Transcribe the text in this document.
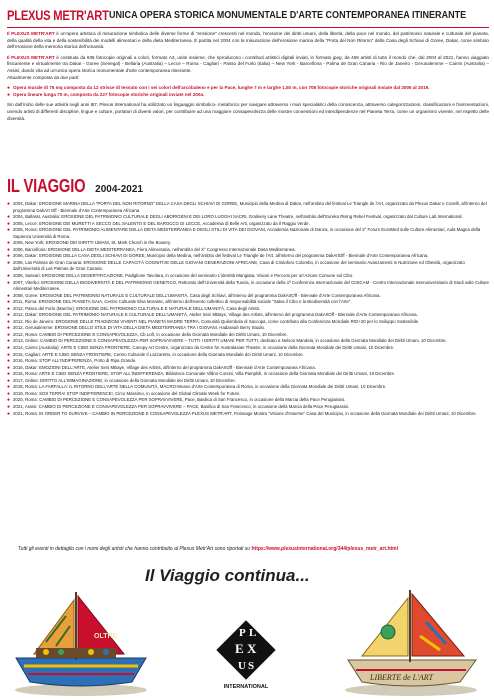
PLEXUS METR'ART UNICA OPERA STORICA MONUMENTALE D'ARTE CONTEMPORANEA ITINERANTE

Il PLEXUS METR'ART è un'opera artistica di misurazione simbolica delle diverse forme di "erosione" crescenti nel mondo, l'erosione dei diritti umani, della libertà, della pace nel mondo, del patrimonio naturale e culturale del pianeta, della qualità della vita e della sostenibilità dei modelli alimentari e della dieta Mediterranea. È partita nel 2004 con la misurazione dell'erosione marina della "Porta del Non Ritorno" della Casa degli Schiavi di Goree, Dakar, come simbolo dell'erosione della memoria storica dell'umanità.

Il PLEXUS METR'ART è costituita da 935 fotocopie originali a colori, formato A3, unite insieme, che riproducono i contributi artistici digitali inviati, in formato jpeg, da 469 artisti di tutto il mondo che, dal 2004 al 2021, hanno viaggiato fisicamente e virtualmente tra Dakar - Goree (Senegal) - Bellaria (Australia) – Lecce – Roma - Cagliari - Passo del Furlo (Italia) – New York - Barcellona - Palma de Gran Canaria - Rio de Janeiro - Gerusalemme – Cairns (Australia) – Assisi, dando vita ad un'unica opera storica monumentale d'arte contemporanea itinerante.
Attualmente composta da due parti:

● Opera murale di 75 mq composta da 12 strisce di tessuto con i sei colori dell'arcobaleno e per la Pace, lunghe 7 m e larghe 1,50 m, con 708 fotocopie storiche originali inviate dal 2005 al 2019.
● Opera lineare lunga 70 m, composta da 227 fotocopie storiche originali inviate nel 2004.

Sin dall'inizio delle sue attività negli anni 80', Plexus International ha utilizzato un linguaggio simbolico- metaforico per navigare attraverso i mari specialistici della conoscenza, attraverso categorizzazioni, classificazioni e frammentazioni, unendo artisti di differenti discipline, lingue e culture, portatori di diversi valori, per contribuire ad una maggiore consapevolezza delle mostre connessioni ed interdipendenze nel Pianeta Terra, come un organismo vivente, nel rispetto delle diversità.

IL VIAGGIO 2004-2021
● 2004, Dakar: EROSIONE MARINA DELLA "PORTA DEL NON RITORNO" DELLA CASA DEGLI SCHIAVI DI GOREE, Municipio della Medina di Dakar, nell'ambito del festival Le Triangle de l'Art, organizzato da Plexus Dakar e Coselli, all'interno del programma DakArt Off - Biennale d'Arte Contemporanea Africana.
● 2004, Ballarat, Australia: EROSIONE DEL PATRIMONIO CULTURALE DEGLI ABORIGENI E DEI LORO LUOGHI SACRI, Gralinery Lane Theatre, nell'ambito dell'Eureka Rising Rebel Festival, organizzato dal Culture Lab International.
● 2005, Lecce: EROSIONE DEI MURETTI A SECCO DEL SALENTO E DEL BAROCCO DI LECCE, Accademia di Belle Arti, organizzato da Il Raggio Verde.
● 2005, Roma: EROSIONE DEL PATRIMONIO ALIMENTARE DELLA DIETA MEDITERRANEA E DEGLI STILI DI VITA DEI GIOVANI, Accademia Nazionale di Danza, in occasione del 3° Forum EuroMed sulle Culture Alimentari, Aula Magna della Sapienza Università di Roma.
● 2005, New York: EROSIONE DEI DIRITTI UMANI, St. Mark Church in the Bowery.
● 2006, Barcellona: EROSIONE DELLA DIETA MEDITERRANEA, Fiera Alimentaria, nell'ambito del X° Congresso Internazionale Dieta Mediterranea.
● 2006, Dakar: EROSIONE DELLA CASA DEGLI SCHIAVI DI GOREE, Municipio della Medina, nell'ambito del festival Le Triangle de l'Art, all'interno del programma DakArtOff - Biennale d'Arte Contemporanea Africana.
● 2006, Las Palmas de Gran Canaria: EROSIONE DELLE CAPACITÀ COGNITIVE DELLE GIOVANI GENERAZIONI AFRICANE, Casa di Cristoforo Colombo, in occasione del seminario Avanzamenti in Nutrizione ed Obesità, organizzato dall'Università di Las Palmas de Gran Canaria.
● 2006, Sassari: EROSIONE DELLA DESERTIFICAZIONE, Padiglione Tavolara, in occasione del seminario L'identità Mangiata, Visioni e Percorsi per un'Azione Comune sul Cibo.
● 2007, Viterbo: EROSIONE DELLA BIODIVERSITÀ E DEL PATRIMONIO GENETICO, Rettorato dell'Università della Tuscia, in occasione della 1ª Conferenza Internazionale del CIISCAM - Centro Internazionale Interuniversitario di Studi sulle Culture Alimentari Mediterranee.
● 2008, Goree: EROSIONE DEL PATRIMONIO NATURALE E CULTURALE DELL'UMANITÀ, Casa degli Schiavi, all'interno del programma DakArtOff - Biennale d'Arte Contemporanea Africana.
● 2011, Roma: EROSIONE DEL PIANETA GAIA, Centro Culturale Elsa Morante, all'interno dell'evento collettivo di responsabilità sociale "Salva il Cibo e la Biodiversità con l'Arte".
● 2012, Passo del Furlo (Marche): EROSIONE DEL PATRIMONIO CULTURALE E NATURALE DELL'UMANITÀ, Casa degli Artisti.
● 2012, Dakar: EROSIONE DEL PATRIMONIO NATURALE E CULTURALE DELL'UMANITÀ, Atelier Seni MBaye, Village des Artists, all'interno del programma DakArtOff - Biennale d'Arte Contemporanea Africana.
● 2012, Rio de Janeiro: EROSIONE DELLE TRADIZIONI VIVENTI NEL PIANETA MADRE TERRA, Comunità Quilombola di Saccopa, come contributo alla Conferenza Mondiale RIO+20 per lo Sviluppo Sostenibile.
● 2012, Gerusalemme: EROSIONE DELLO STILE DI VITA DELLA DIETA MEDITERRANEA TRA I GIOVANI, Hadassah Berry Studio.
● 2012, Roma: CAMBIO DI PERCEZIONE E CONSAPEVOLEZZA, Cb Loft, in occasione della Giornata Mondiale dei Diritti Umani, 10 Dicembre.
● 2013, Online: CAMBIO DI PERCEZIONE E CONSAPEVOLEZZA PER SOPRAVVIVERE – TUTTI I DIRITTI UMANI PER TUTTI, dedicato a Nelson Mandela, in occasione della Giornata Mondiale dei Diritti Umani, 10 Dicembre.
● 2014, Cairns (Australia): ARTE E CIBO SENZA FRONTIERE, Canopy Art Centre, organizzato da Centre for Australasian Theatre, in occasione della Giornata Mondiale dei Diritti Umani, 10 Dicembre.
● 2015, Cagliari: ARTE E CIBO SENZA FRONTIERE, Centro Culturale Il Lazzaretto, in occasione della Giornata Mondiale dei Diritti Umani, 10 Dicembre.
● 2016, Roma: STOP ALL'INDIFFERENZA, Porto di Ripa Grande.
● 2016, Dakar: EMOZIONI DELL'ARTE, Atelier Seni MBaye, Village des Artists, all'interno del programma DakArtOff - Biennale d'Arte Contemporanea Africana.
● 2016, Roma: ARTE E CIBO SENZA FRONTIERE, STOP ALL'INDIFFERENZA, Biblioteca Comunale Villino Corsini, Villa Pamphili, in occasione della Giornata Mondiale dei Diritti Umani, 10 Dicembre.
● 2017, Online: DIRITTO ALL'IMMAGINAZIONE, in occasione della Giornata Mondiale dei Diritti Umani, 10 Dicembre.
● 2018, Roma: LA FARFALLA: IL RITORNO DELL'ARTE NELLA COMUNITÀ, MACRO-Museo d'Arte Contemporanea di Roma, in occasione della Giornata Mondiale dei Diritti Umani, 10 Dicembre.
● 2019, Roma: SOS TERRA! STOP INDIFFERENCE!, Circo Massimo, in occasione del Global Climate Week for Future.
● 2020, Roma: CAMBIO DI PERCEZIONE E CONSAPEVOLEZZA PER SOPRAVVIVERE, Pace, Basilica di San Francesco, in occasione della Marcia della Pace Perugiassisi.
● 2021, Assisi: CAMBIO DI PERCEZIONE E CONSAPEVOLEZZA PER SOPRAVVIVERE – PACE, Basilica di San Francesco, in occasione della Marcia della Pace Perugiassisi.
● 2021, Roma: IN ORDER TO SURVIVE – CAMBIO IN PERCEZIONE E CONSAPEVOLEZZA PLEXUS METR'ART, Finissage Mostra "Visione d'Insieme" Casa del Municipio, in occasione della Giornata Mondiale dei Diritti Umani, 10 Dicembre.
Tutti gli eventi in dettaglio con i nomi degli artisti che hanno contribuito al Plexus Metr'Art sono riportati su https://www.plexusinternational.org/344/plexus_metr_art.html
Il Viaggio continua...
OLTRE	P L
E X
U S
INTERNATIONAL
LIBERTE de L'ART
